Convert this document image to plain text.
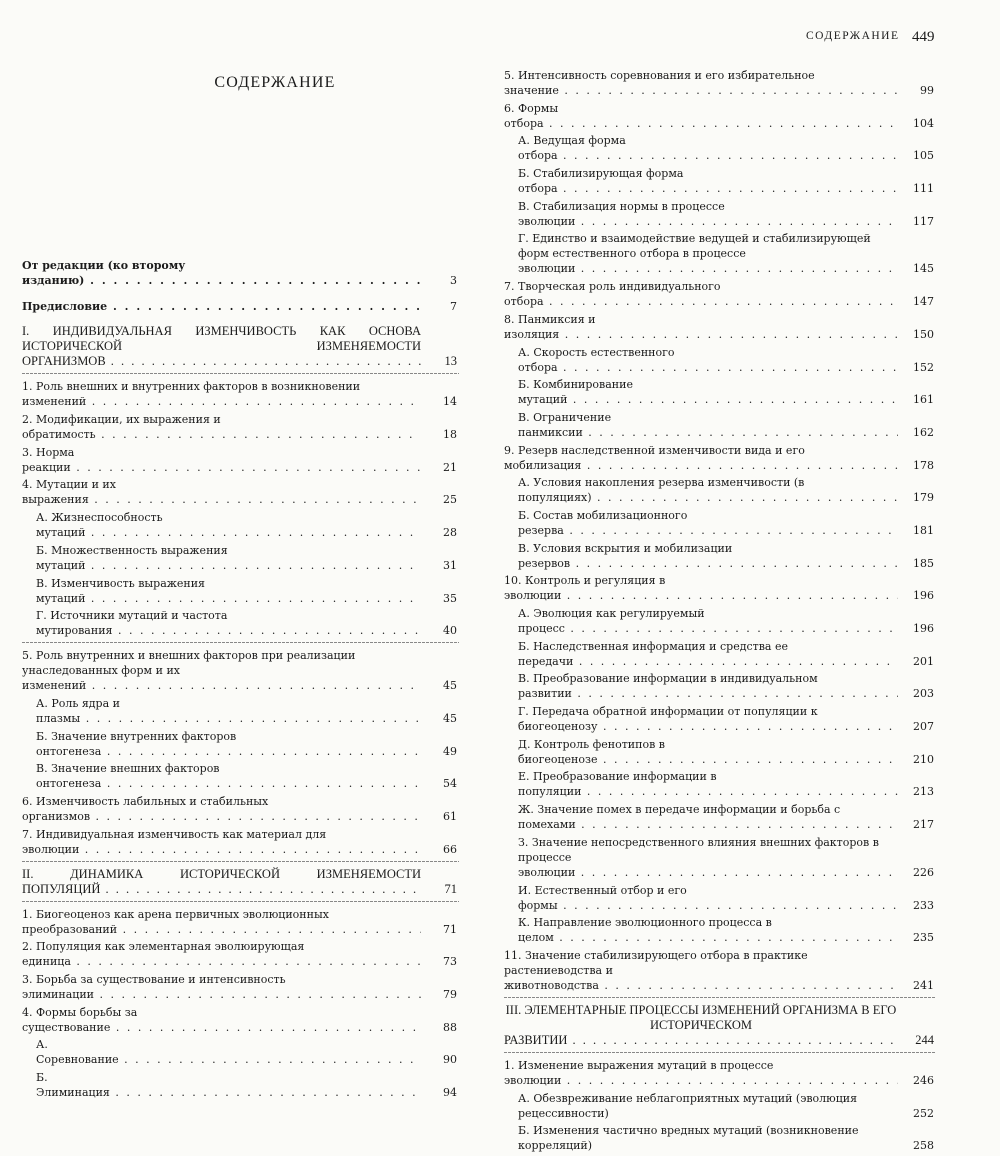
СОДЕРЖАНИЕ 449
СОДЕРЖАНИЕ
От редакции (ко второму изданию) . . .	3
Предисловие . . .	7
I. ИНДИВИДУАЛЬНАЯ ИЗМЕНЧИВОСТЬ КАК ОСНОВА ИСТОРИЧЕСКОЙ ИЗМЕНЯЕМОСТИ ОРГАНИЗМОВ . . .	13
1. Роль внешних и внутренних факторов в возникновении изменений . . .	14
2. Модификации, их выражения и обратимость . . .	18
3. Норма реакции . . .	21
4. Мутации и их выражения . . .	25
А. Жизнеспособность мутаций . . .	28
Б. Множественность выражения мутаций . . .	31
В. Изменчивость выражения мутаций . . .	35
Г. Источники мутаций и частота мутирования . . .	40
5. Роль внутренних и внешних факторов при реализации унаследованных форм и их изменений . . .	45
А. Роль ядра и плазмы . . .	45
Б. Значение внутренних факторов онтогенеза . . .	49
В. Значение внешних факторов онтогенеза . . .	54
6. Изменчивость лабильных и стабильных организмов . . .	61
7. Индивидуальная изменчивость как материал для эволюции . . .	66
II. ДИНАМИКА ИСТОРИЧЕСКОЙ ИЗМЕНЯЕМОСТИ ПОПУЛЯЦИЙ . . .	71
1. Биогеоценоз как арена первичных эволюционных преобразований . . .	71
2. Популяция как элементарная эволюирующая единица . . .	73
3. Борьба за существование и интенсивность элиминации . . .	79
4. Формы борьбы за существование . . .	88
А. Соревнование . . .	90
Б. Элиминация . . .	94
5. Интенсивность соревнования и его избирательное значение . . .	99
6. Формы отбора . . .	104
А. Ведущая форма отбора . . .	105
Б. Стабилизирующая форма отбора . . .	111
В. Стабилизация нормы в процессе эволюции . . .	117
Г. Единство и взаимодействие ведущей и стабилизирующей форм естественного отбора в процессе эволюции . . .	145
7. Творческая роль индивидуального отбора . . .	147
8. Панмиксия и изоляция . . .	150
А. Скорость естественного отбора . . .	152
Б. Комбинирование мутаций . . .	161
В. Ограничение панмиксии . . .	162
9. Резерв наследственной изменчивости вида и его мобилизация . . .	178
А. Условия накопления резерва изменчивости (в популяциях) . . .	179
Б. Состав мобилизационного резерва . . .	181
В. Условия вскрытия и мобилизации резервов . . .	185
10. Контроль и регуляция в эволюции . . .	196
А. Эволюция как регулируемый процесс . . .	196
Б. Наследственная информация и средства ее передачи . . .	201
В. Преобразование информации в индивидуальном развитии . . .	203
Г. Передача обратной информации от популяции к биогеоценозу . . .	207
Д. Контроль фенотипов в биогеоценозе . . .	210
Е. Преобразование информации в популяции . . .	213
Ж. Значение помех в передаче информации и борьба с помехами . . .	217
З. Значение непосредственного влияния внешних факторов в процессе эволюции . . .	226
И. Естественный отбор и его формы . . .	233
К. Направление эволюционного процесса в целом . . .	235
11. Значение стабилизирующего отбора в практике растениеводства и животноводства . . .	241
III. ЭЛЕМЕНТАРНЫЕ ПРОЦЕССЫ ИЗМЕНЕНИЙ ОРГАНИЗМА В ЕГО ИСТОРИЧЕСКОМ РАЗВИТИИ . . .	244
1. Изменение выражения мутаций в процессе эволюции . . .	246
А. Обезвреживание неблагоприятных мутаций (эволюция рецессивности)	252
Б. Изменения частично вредных мутаций (возникновение корреляций)	258
